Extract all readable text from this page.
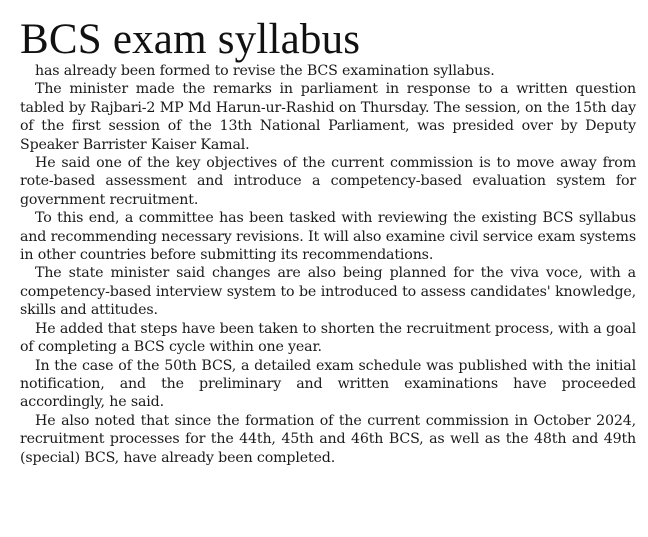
BCS exam syllabus

has already been formed to revise the BCS examination syllabus.

The minister made the remarks in parliament in response to a written question tabled by Rajbari-2 MP Md Harun-ur-Rashid on Thursday. The session, on the 15th day of the first session of the 13th National Parliament, was presided over by Deputy Speaker Barrister Kaiser Kamal.

He said one of the key objectives of the current commission is to move away from rote-based assessment and introduce a competency-based evaluation system for government recruitment.

To this end, a committee has been tasked with reviewing the existing BCS syllabus and recommending necessary revisions. It will also examine civil service exam systems in other countries before submitting its recommendations.

The state minister said changes are also being planned for the viva voce, with a competency-based interview system to be introduced to assess candidates' knowledge, skills and attitudes.

He added that steps have been taken to shorten the recruitment process, with a goal of completing a BCS cycle within one year.

In the case of the 50th BCS, a detailed exam schedule was published with the initial notification, and the preliminary and written examinations have proceeded accordingly, he said.

He also noted that since the formation of the current commission in October 2024, recruitment processes for the 44th, 45th and 46th BCS, as well as the 48th and 49th (special) BCS, have already been completed.
